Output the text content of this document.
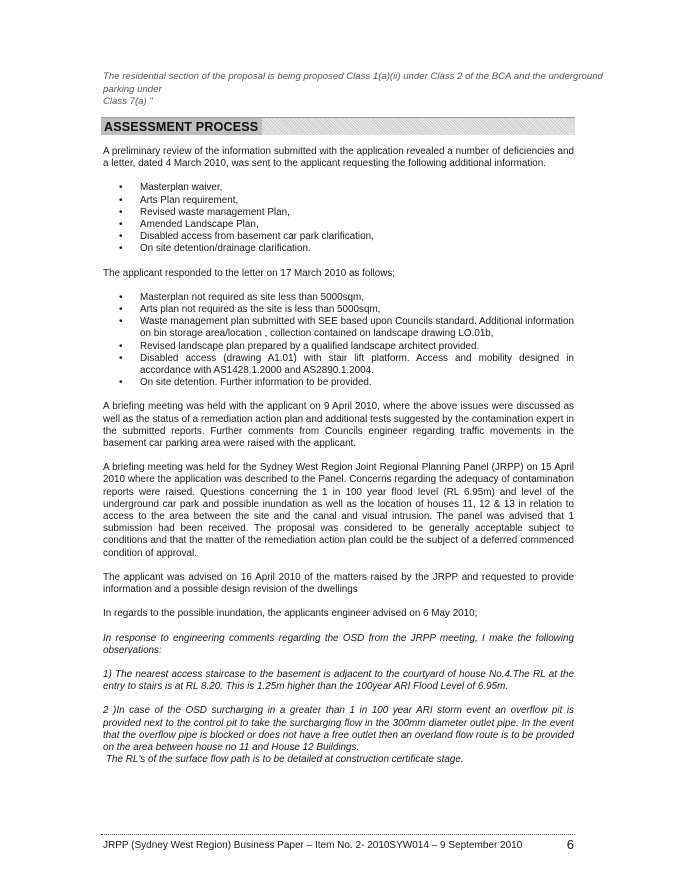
The residential section of the proposal is being proposed Class 1(a)(ii) under Class 2 of the BCA and the underground
parking under
Class 7(a) "
ASSESSMENT PROCESS

A preliminary review of the information submitted with the application revealed a number of deficiencies and a letter, dated 4 March 2010, was sent to the applicant requesting the following additional information.

• Masterplan waiver,
• Arts Plan requirement,
• Revised waste management Plan,
• Amended Landscape Plan,
• Disabled access from basement car park clarification,
• On site detention/drainage clarification.

The applicant responded to the letter on 17 March 2010 as follows;

• Masterplan not required as site less than 5000sqm,
• Arts plan not required as the site is less than 5000sqm,
• Waste management plan submitted with SEE based upon Councils standard. Additional information on bin storage area/location , collection contained on landscape drawing LO.01b,
• Revised landscape plan prepared by a qualified landscape architect provided.
• Disabled access (drawing A1.01) with stair lift platform. Access and mobility designed in accordance with AS1428.1.2000 and AS2890.1.2004.
• On site detention. Further information to be provided.

A briefing meeting was held with the applicant on 9 April 2010, where the above issues were discussed as well as the status of a remediation action plan and additional tests suggested by the contamination expert in the submitted reports. Further comments from Councils engineer regarding traffic movements in the basement car parking area were raised with the applicant.

A briefing meeting was held for the Sydney West Region Joint Regional Planning Panel (JRPP) on 15 April 2010 where the application was described to the Panel. Concerns regarding the adequacy of contamination reports were raised. Questions concerning the 1 in 100 year flood level (RL 6.95m) and level of the underground car park and possible inundation as well as the location of houses 11, 12 & 13 in relation to access to the area between the site and the canal and visual intrusion. The panel was advised that 1 submission had been received. The proposal was considered to be generally acceptable subject to conditions and that the matter of the remediation action plan could be the subject of a deferred commenced condition of approval.

The applicant was advised on 16 April 2010 of the matters raised by the JRPP and requested to provide information and a possible design revision of the dwellings

In regards to the possible inundation, the applicants engineer advised on 6 May 2010;

In response to engineering comments regarding the OSD from the JRPP meeting, I make the following observations:

1) The nearest access staircase to the basement is adjacent to the courtyard of house No.4.The RL at the entry to stairs is at RL 8.20. This is 1.25m higher than the 100year ARI Flood Level of 6.95m.

2 )In case of the OSD surcharging in a greater than 1 in 100 year ARI storm event an overflow pit is provided next to the control pit to take the surcharging flow in the 300mm diameter outlet pipe. In the event that the overflow pipe is blocked or does not have a free outlet then an overland flow route is to be provided on the area between house no 11 and House 12 Buildings.

The RL's of the surface flow path is to be detailed at construction certificate stage.

JRPP (Sydney West Region) Business Paper – Item No. 2- 2010SYW014 – 9 September 2010	6
